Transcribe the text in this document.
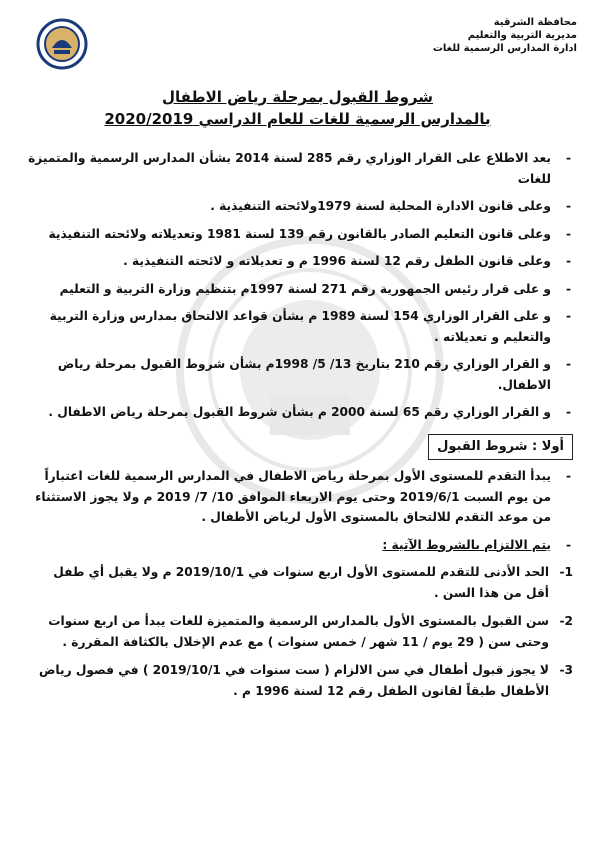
محافظة الشرقية
مديرية التربية والتعليم
ادارة المدارس الرسمية للغات
شروط القبول بمرحلة رياض الاطفال
بالمدارس الرسمية للغات للعام الدراسي 2020/2019
-
بعد الاطلاع على القرار الوزاري رقم 285 لسنة 2014 بشأن المدارس الرسمية والمتميزة للغات
-
وعلى قانون الادارة المحلية لسنة 1979ولائحته التنفيذية .
-
وعلى قانون التعليم الصادر بالقانون رقم 139 لسنة 1981 وتعديلاته ولائحته التنفيذية
-
وعلى قانون الطفل رقم 12 لسنة 1996 م و تعديلاته و لائحته التنفيذية .
-
و على قرار رئيس الجمهورية رقم 271 لسنة 1997م بتنظيم وزارة التربية و التعليم
-
و على القرار الوزاري 154 لسنة 1989 م بشأن قواعد الالتحاق بمدارس وزارة التربية والتعليم و تعديلاته .
-
و القرار الوزاري رقم 210 بتاريخ 13/ 5/ 1998م بشأن شروط القبول بمرحلة رياض الاطفال.
-
و القرار الوزاري رقم 65 لسنة 2000 م بشأن شروط القبول بمرحلة رياض الاطفال .
أولا : شروط القبول
-
يبدأ التقدم للمستوى الأول بمرحلة رياض الاطفال في المدارس الرسمية للغات اعتباراً من يوم السبت 2019/6/1 وحتى يوم الاربعاء الموافق 10/ 7/ 2019 م ولا يجوز الاستثناء من موعد التقدم للالتحاق بالمستوى الأول لرياض الأطفال .
-
يتم الالتزام بالشروط الآتية :
1-
الحد الأدنى للتقدم للمستوى الأول اربع سنوات في 2019/10/1 م ولا يقبل أي طفل أقل من هذا السن .
2-
سن القبول بالمستوى الأول بالمدارس الرسمية والمتميزة للغات يبدأ من اربع سنوات وحتى سن ( 29 يوم / 11 شهر / خمس سنوات ) مع عدم الإخلال بالكثافة المقررة .
3-
لا يجوز قبول أطفال في سن الالزام ( ست سنوات في 2019/10/1 ) في فصول رياض الأطفال طبقاً لقانون الطفل رقم 12 لسنة 1996 م .
